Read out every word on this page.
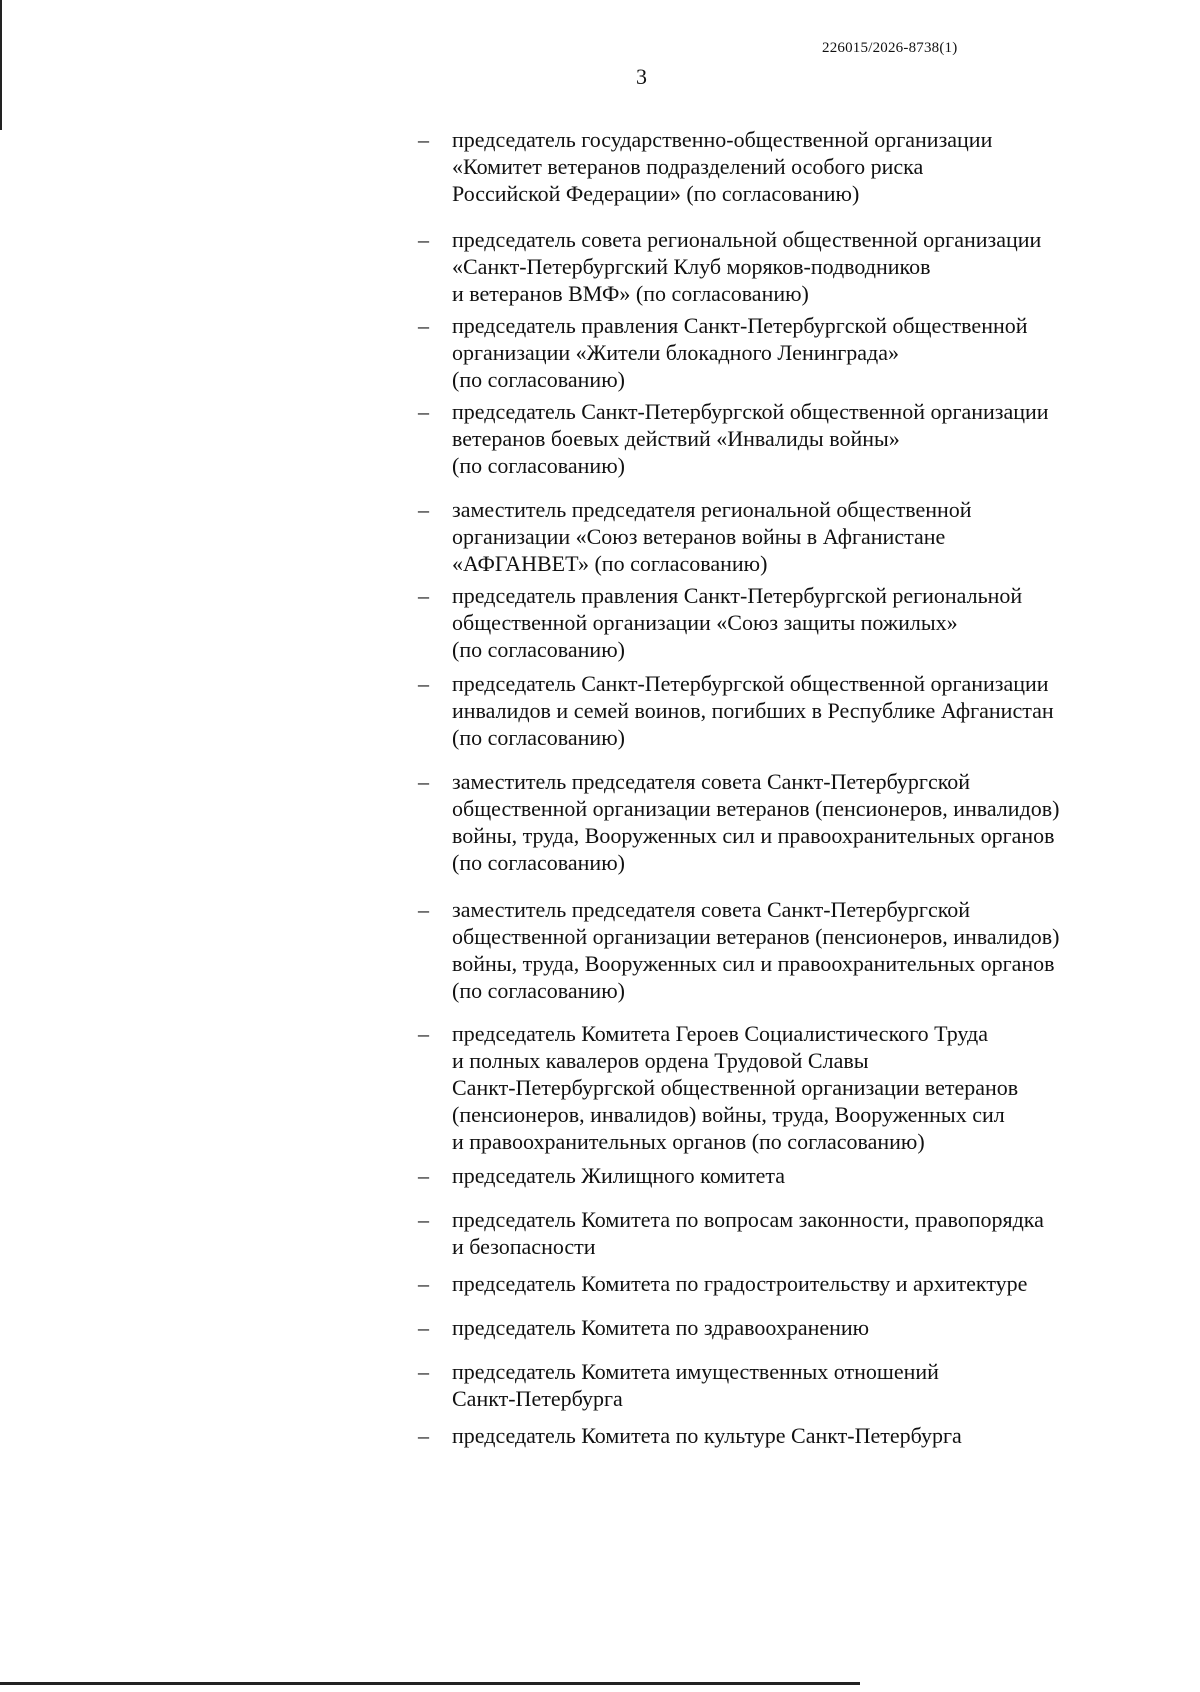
226015/2026-8738(1)
3
– председатель государственно-общественной организации
«Комитет ветеранов подразделений особого риска
Российской Федерации» (по согласованию)
– председатель совета региональной общественной организации
«Санкт-Петербургский Клуб моряков-подводников
и ветеранов ВМФ» (по согласованию)
– председатель правления Санкт-Петербургской общественной
организации «Жители блокадного Ленинграда»
(по согласованию)
– председатель Санкт-Петербургской общественной организации
ветеранов боевых действий «Инвалиды войны»
(по согласованию)
– заместитель председателя региональной общественной
организации «Союз ветеранов войны в Афганистане
«АФГАНВЕТ» (по согласованию)
– председатель правления Санкт-Петербургской региональной
общественной организации «Союз защиты пожилых»
(по согласованию)
– председатель Санкт-Петербургской общественной организации
инвалидов и семей воинов, погибших в Республике Афганистан
(по согласованию)
– заместитель председателя совета Санкт-Петербургской
общественной организации ветеранов (пенсионеров, инвалидов)
войны, труда, Вооруженных сил и правоохранительных органов
(по согласованию)
– заместитель председателя совета Санкт-Петербургской
общественной организации ветеранов (пенсионеров, инвалидов)
войны, труда, Вооруженных сил и правоохранительных органов
(по согласованию)
– председатель Комитета Героев Социалистического Труда
и полных кавалеров ордена Трудовой Славы
Санкт-Петербургской общественной организации ветеранов
(пенсионеров, инвалидов) войны, труда, Вооруженных сил
и правоохранительных органов (по согласованию)
– председатель Жилищного комитета
– председатель Комитета по вопросам законности, правопорядка
и безопасности
– председатель Комитета по градостроительству и архитектуре
– председатель Комитета по здравоохранению
– председатель Комитета имущественных отношений
Санкт-Петербурга
– председатель Комитета по культуре Санкт-Петербурга
